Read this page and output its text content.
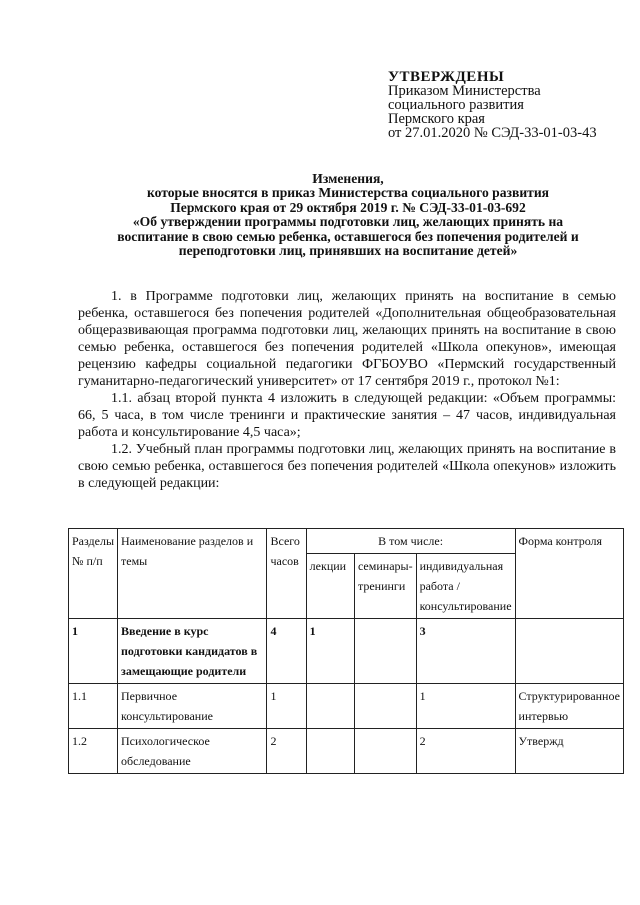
УТВЕРЖДЕНЫ
Приказом Министерства
социального развития
Пермского края
от 27.01.2020 № СЭД-33-01-03-43
Изменения,
которые вносятся в приказ Министерства социального развития
Пермского края от 29 октября 2019 г. № СЭД-33-01-03-692
«Об утверждении программы подготовки лиц, желающих принять на
воспитание в свою семью ребенка, оставшегося без попечения родителей и
переподготовки лиц, принявших на воспитание детей»

1. в Программе подготовки лиц, желающих принять на воспитание в семью ребенка, оставшегося без попечения родителей «Дополнительная общеобразовательная общеразвивающая программа подготовки лиц, желающих принять на воспитание в свою семью ребенка, оставшегося без попечения родителей «Школа опекунов», имеющая рецензию кафедры социальной педагогики ФГБОУВО «Пермский государственный гуманитарно-педагогический университет» от 17 сентября 2019 г., протокол №1:

1.1. абзац второй пункта 4 изложить в следующей редакции: «Объем программы: 66, 5 часа, в том числе тренинги и практические занятия – 47 часов, индивидуальная работа и консультирование 4,5 часа»;

1.2. Учебный план программы подготовки лиц, желающих принять на воспитание в свою семью ребенка, оставшегося без попечения родителей «Школа опекунов» изложить в следующей редакции:

Разделы № п/п	Наименование разделов и темы	Всего часов	В том числе:			Форма контроля
			лекции	семинары-тренинги	индивидуальная работа / консультирование	
1	Введение в курс подготовки кандидатов в замещающие родители	4	1		3	
1.1	Первичное консультирование	1			1	Структурированное интервью
1.2	Психологическое обследование	2			2	Утвержд
